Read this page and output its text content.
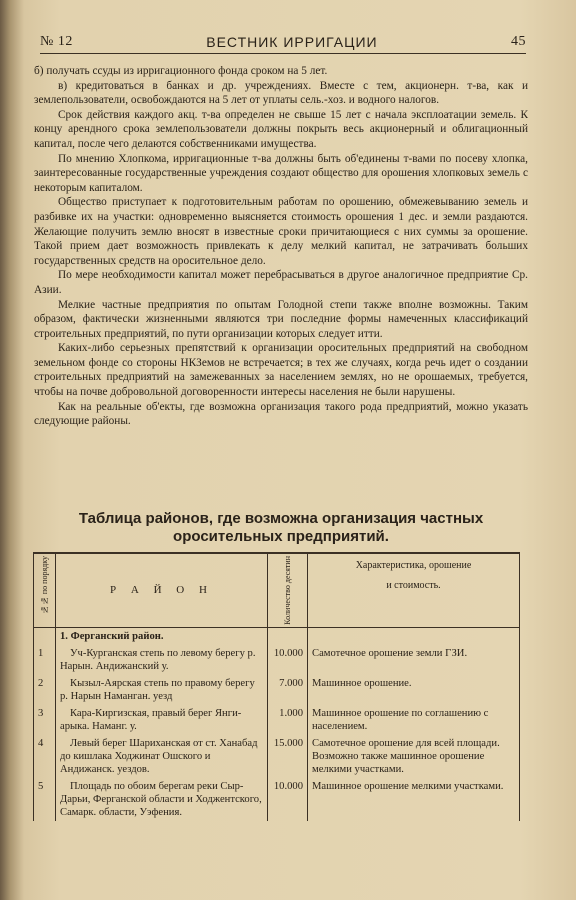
№ 12	ВЕСТНИК ИРРИГАЦИИ	45

б) получать ссуды из ирригационного фонда сроком на 5 лет.

в) кредитоваться в банках и др. учреждениях. Вместе с тем, акционерн. т-ва, как и землепользователи, освобождаются на 5 лет от уплаты сель.-хоз. и водного налогов.

Срок действия каждого акц. т-ва определен не свыше 15 лет с начала эксплоатации земель. К концу арендного срока землепользователи должны покрыть весь акционерный и облигационный капитал, после чего делаются собственниками имущества.

По мнению Хлопкома, ирригационные т-ва должны быть об'единены т-вами по посеву хлопка, заинтересованные государственные учреждения создают общество для орошения хлопковых земель с некоторым капиталом.

Общество приступает к подготовительным работам по орошению, обмежевыванию земель и разбивке их на участки: одновременно выясняется стоимость орошения 1 дес. и земли раздаются. Желающие получить землю вносят в известные сроки причитающиеся с них суммы за орошение. Такой прием дает возможность привлекать к делу мелкий капитал, не затрачивать больших государственных средств на оросительное дело.

По мере необходимости капитал может перебрасываться в другое аналогичное предприятие Ср. Азии.

Мелкие частные предприятия по опытам Голодной степи также вполне возможны. Таким образом, фактически жизненными являются три последние формы намеченных классификаций строительных предприятий, по пути организации которых следует итти.

Каких-либо серьезных препятствий к организации оросительных предприятий на свободном земельном фонде со стороны НКЗемов не встречается; в тех же случаях, когда речь идет о создании строительных предприятий на замежеванных за населением землях, но не орошаемых, требуется, чтобы на почве добровольной договоренности интересы населения не были нарушены.

Как на реальные об'екты, где возможна организация такого рода предприятий, можно указать следующие районы.

Таблица районов, где возможна организация частных оросительных предприятий.
№№ по порядку	Р А Й О Н	Количество десятин	Характеристика, орошение
и стоимость.

	1. Ферганский район.		
1	Уч-Курганская степь по левому берегу р. Нарын. Андижанский у.	10.000	Самотечное орошение земли ГЗИ.
2	Кызыл-Аярская степь по правому берегу р. Нарын Наманган. уезд	7.000	Машинное орошение.
3	Кара-Киргизская, правый берег Янги-арыка. Наманг. у.	1.000	Машинное орошение по соглашению с населением.
4	Левый берег Шариханская от ст. Ханабад до кишлака Ходжинат Ошского и Андижанск. уездов.	15.000	Самотечное орошение для всей площади. Возможно также машинное орошение мелкими участками.
5	Площадь по обоим берегам реки Сыр-Дарьи, Ферганской области и Ходжентского, Самарк. области, Уэфения.	10.000	Машинное орошение мелкими участками.
